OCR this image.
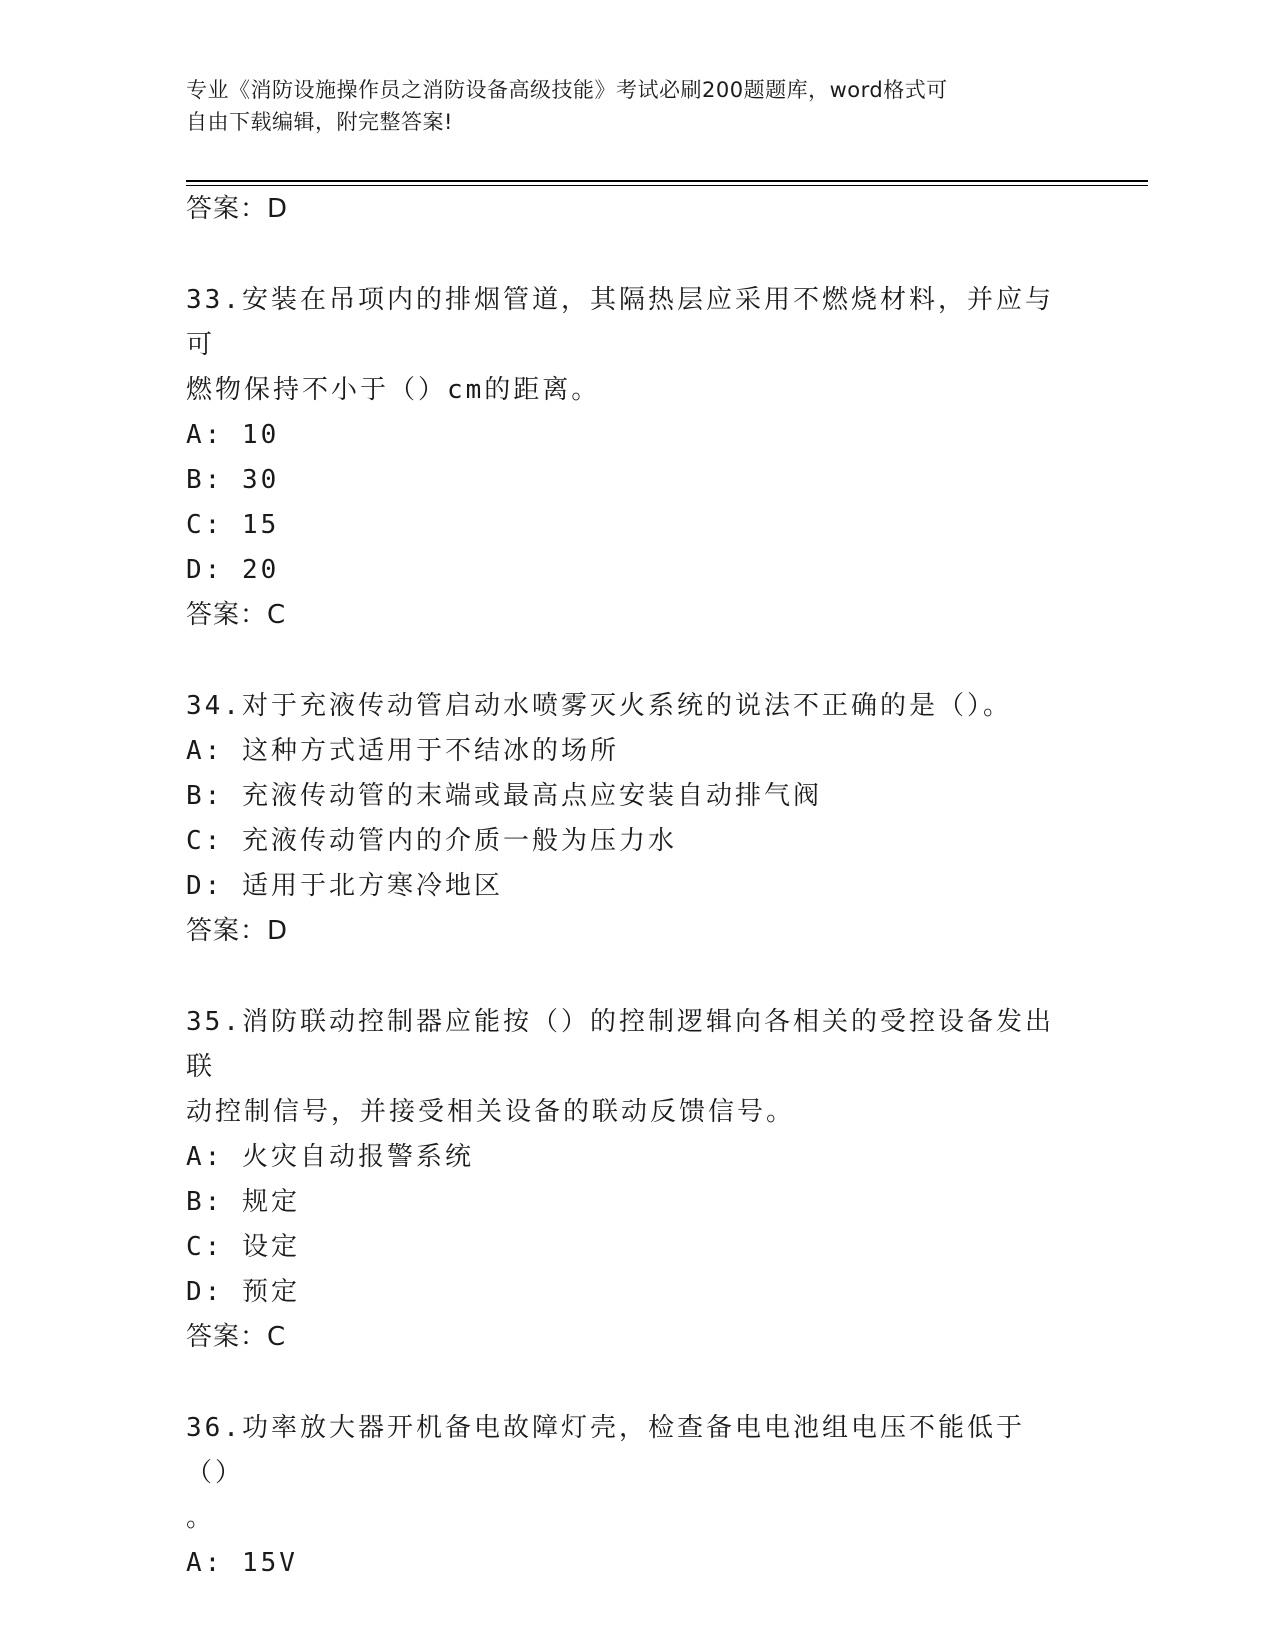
专业《消防设施操作员之消防设备高级技能》考试必刷200题题库，word格式可
自由下载编辑，附完整答案!
答案：D
33.安装在吊项内的排烟管道，其隔热层应采用不燃烧材料，并应与可
燃物保持不小于（）cm的距离。
A: 10
B: 30
C: 15
D: 20
答案：C
34.对于充液传动管启动水喷雾灭火系统的说法不正确的是（）。
A: 这种方式适用于不结冰的场所
B: 充液传动管的末端或最高点应安装自动排气阀
C: 充液传动管内的介质一般为压力水
D: 适用于北方寒冷地区
答案：D
35.消防联动控制器应能按（）的控制逻辑向各相关的受控设备发出联
动控制信号，并接受相关设备的联动反馈信号。
A: 火灾自动报警系统
B: 规定
C: 设定
D: 预定
答案：C
36.功率放大器开机备电故障灯壳，检查备电电池组电压不能低于（）
。
A: 15V
